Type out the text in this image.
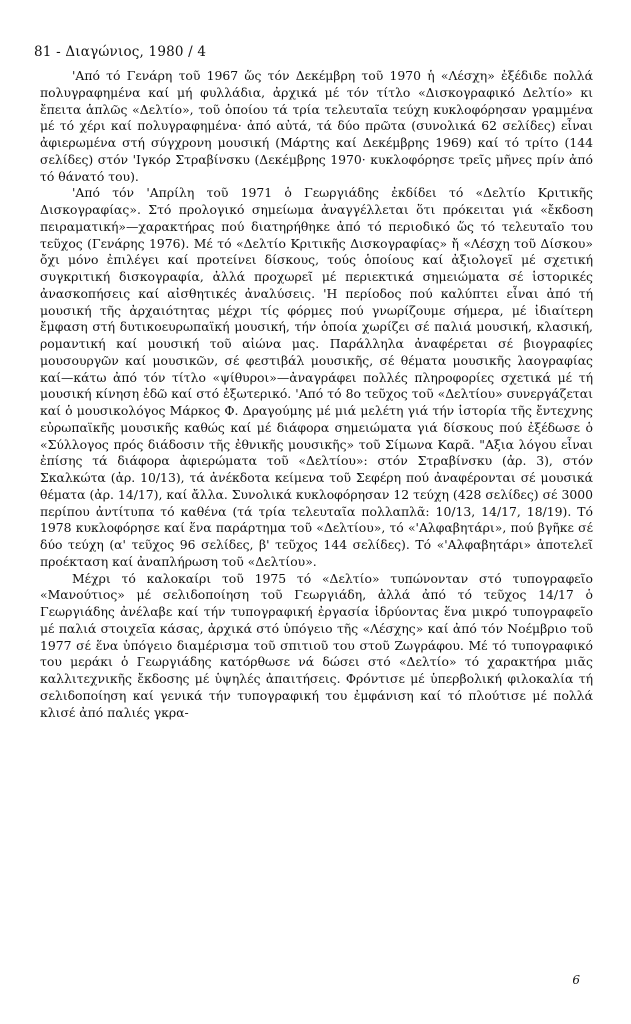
81 - Διαγώνιος, 1980 / 4

'Από τό Γενάρη τοῦ 1967 ὥς τόν Δεκέμβρη τοῦ 1970 ἡ «Λέσχη» ἐξέδιδε πολλά πολυγραφημένα καί μή φυλλάδια, ἀρχικά μέ τόν τίτλο «Δισκογραφικό Δελτίο» κι ἔπειτα ἁπλῶς «Δελτίο», τοῦ ὁποίου τά τρία τελευταῖα τεύχη κυκλοφόρησαν γραμμένα μέ τό χέρι καί πολυγραφημένα· ἀπό αὐτά, τά δύο πρῶτα (συνολικά 62 σελίδες) εἶναι ἀφιερωμένα στή σύγχρονη μουσική (Μάρτης καί Δεκέμβρης 1969) καί τό τρίτο (144 σελίδες) στόν 'Ιγκόρ Στραβίνσκυ (Δεκέμβρης 1970· κυκλοφόρησε τρεῖς μῆνες πρίν ἀπό τό θάνατό του).

'Από τόν 'Απρίλη τοῦ 1971 ὁ Γεωργιάδης ἐκδίδει τό «Δελτίο Κριτικῆς Δισκογραφίας». Στό προλογικό σημείωμα ἀναγγέλλεται ὅτι πρόκειται γιά «ἔκδοση πειραματική»—χαρακτήρας πού διατηρήθηκε ἀπό τό περιοδικό ὥς τό τελευταῖο του τεῦχος (Γενάρης 1976). Μέ τό «Δελτίο Κριτικῆς Δισκογραφίας» ἤ «Λέσχη τοῦ Δίσκου» ὄχι μόνο ἐπιλέγει καί προτείνει δίσκους, τούς ὁποίους καί ἀξιολογεῖ μέ σχετική συγκριτική δισκογραφία, ἀλλά προχωρεῖ μέ περιεκτικά σημειώματα σέ ἱστορικές ἀνασκοπήσεις καί αἰσθητικές ἀναλύσεις. 'Η περίοδος πού καλύπτει εἶναι ἀπό τή μουσική τῆς ἀρχαιότητας μέχρι τίς φόρμες πού γνωρίζουμε σήμερα, μέ ἰδιαίτερη ἔμφαση στή δυτικοευρωπαϊκή μουσική, τήν ὁποία χωρίζει σέ παλιά μουσική, κλασική, ρομαντική καί μουσική τοῦ αἰώνα μας. Παράλληλα ἀναφέρεται σέ βιογραφίες μουσουργῶν καί μουσικῶν, σέ φεστιβάλ μουσικῆς, σέ θέματα μουσικῆς λαογραφίας καί—κάτω ἀπό τόν τίτλο «ψίθυροι»—ἀναγράφει πολλές πληροφορίες σχετικά μέ τή μουσική κίνηση ἐδῶ καί στό ἐξωτερικό. 'Από τό 8ο τεῦχος τοῦ «Δελτίου» συνεργάζεται καί ὁ μουσικολόγος Μάρκος Φ. Δραγούμης μέ μιά μελέτη γιά τήν ἱστορία τῆς ἔντεχνης εὐρωπαϊκῆς μουσικῆς καθώς καί μέ διάφορα σημειώματα γιά δίσκους πού ἐξέδωσε ὁ «Σύλλογος πρός διάδοσιν τῆς ἐθνικῆς μουσικῆς» τοῦ Σίμωνα Καρᾶ. "Αξια λόγου εἶναι ἐπίσης τά διάφορα ἀφιερώματα τοῦ «Δελτίου»: στόν Στραβίνσκυ (ἀρ. 3), στόν Σκαλκώτα (ἀρ. 10/13), τά ἀνέκδοτα κείμενα τοῦ Σεφέρη πού ἀναφέρονται σέ μουσικά θέματα (ἀρ. 14/17), καί ἄλλα. Συνολικά κυκλοφόρησαν 12 τεύχη (428 σελίδες) σέ 3000 περίπου ἀντίτυπα τό καθένα (τά τρία τελευταῖα πολλαπλᾶ: 10/13, 14/17, 18/19). Τό 1978 κυκλοφόρησε καί ἕνα παράρτημα τοῦ «Δελτίου», τό «'Αλφαβητάρι», πού βγῆκε σέ δύο τεύχη (α' τεῦχος 96 σελίδες, β' τεῦχος 144 σελίδες). Τό «'Αλφαβητάρι» ἀποτελεῖ προέκταση καί ἀναπλήρωση τοῦ «Δελτίου».

Μέχρι τό καλοκαίρι τοῦ 1975 τό «Δελτίο» τυπώνονταν στό τυπογραφεῖο «Μανούτιος» μέ σελιδοποίηση τοῦ Γεωργιάδη, ἀλλά ἀπό τό τεῦχος 14/17 ὁ Γεωργιάδης ἀνέλαβε καί τήν τυπογραφική ἐργασία ἱδρύοντας ἕνα μικρό τυπογραφεῖο μέ παλιά στοιχεῖα κάσας, ἀρχικά στό ὑπόγειο τῆς «Λέσχης» καί ἀπό τόν Νοέμβριο τοῦ 1977 σέ ἕνα ὑπόγειο διαμέρισμα τοῦ σπιτιοῦ του στοῦ Ζωγράφου. Μέ τό τυπογραφικό του μεράκι ὁ Γεωργιάδης κατόρθωσε νά δώσει στό «Δελτίο» τό χαρακτήρα μιᾶς καλλιτεχνικῆς ἔκδοσης μέ ὑψηλές ἀπαιτήσεις. Φρόντισε μέ ὑπερβολική φιλοκαλία τή σελιδοποίηση καί γενικά τήν τυπογραφική του ἐμφάνιση καί τό πλούτισε μέ πολλά κλισέ ἀπό παλιές γκρα-

6
